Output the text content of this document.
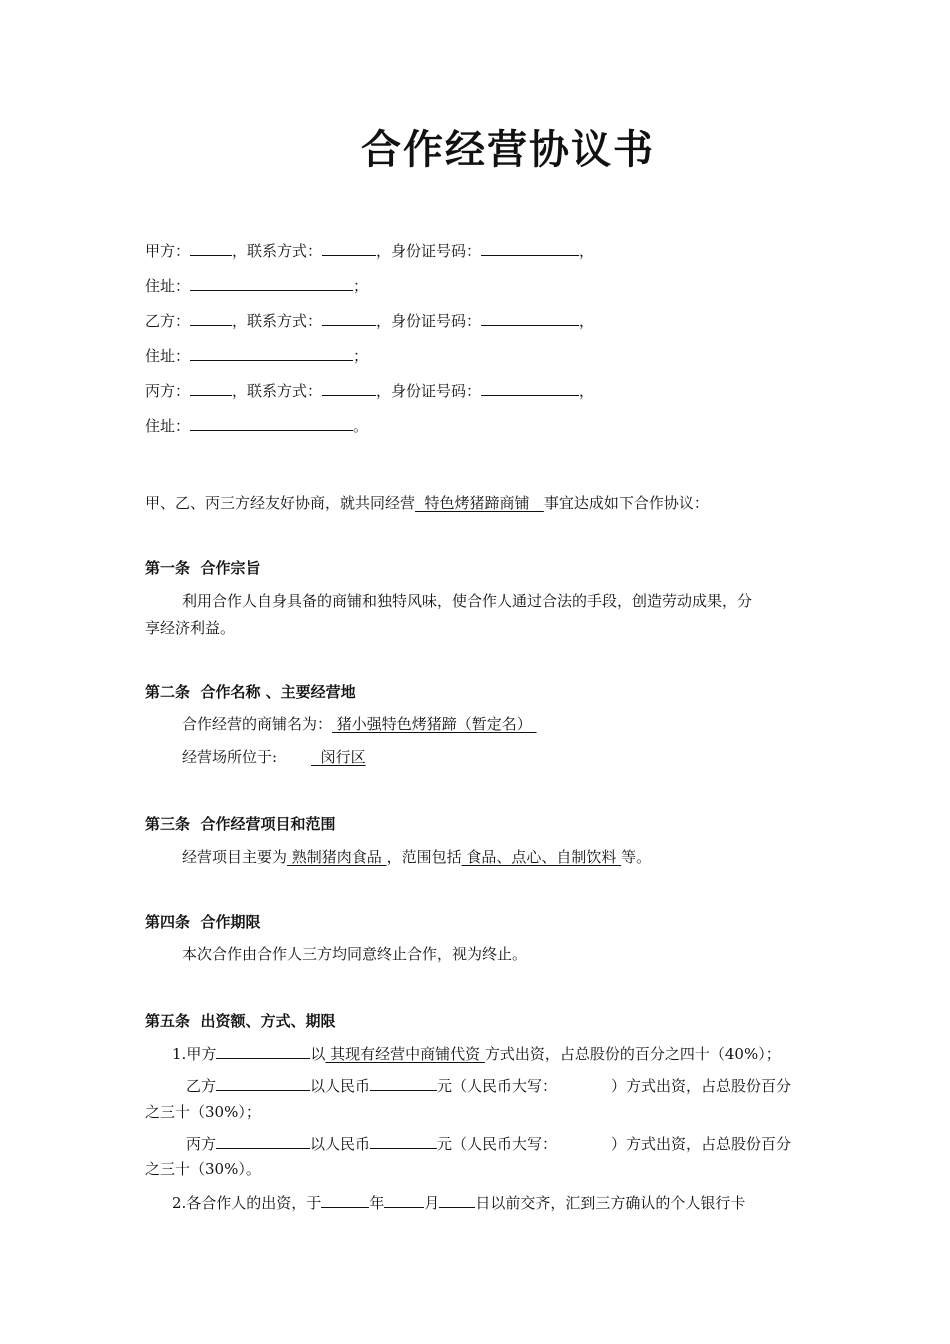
合作经营协议书
甲方：	，联系方式：	，身份证号码：	，
住址：	；
乙方：	，联系方式：	，身份证号码：	，
住址：	；
丙方：	，联系方式：	，身份证号码：	，
住址：	。
甲、乙、丙三方经友好协商，就共同经营  特色烤猪蹄商铺   事宜达成如下合作协议：
第一条  合作宗旨
利用合作人自身具备的商铺和独特风味，使合作人通过合法的手段，创造劳动成果，分
享经济利益。
第二条  合作名称 、主要经营地
合作经营的商铺名为： 猪小强特色烤猪蹄（暂定名）
经营场所位于:  闵行区
第三条  合作经营项目和范围
经营项目主要为 熟制猪肉食品 ，范围包括 食品、点心、自制饮料 等。
第四条  合作期限
本次合作由合作人三方均同意终止合作，视为终止。
第五条  出资额、方式、期限
1.甲方	以 其现有经营中商铺代资 方式出资，占总股份的百分之四十（40%）；
乙方	以人民币	元（人民币大写：	）方式出资，占总股份百分
之三十（30%）；
丙方	以人民币	元（人民币大写：	）方式出资，占总股份百分
之三十（30%）。
2.各合作人的出资，于	年	月 日以前交齐，汇到三方确认的个人银行卡
